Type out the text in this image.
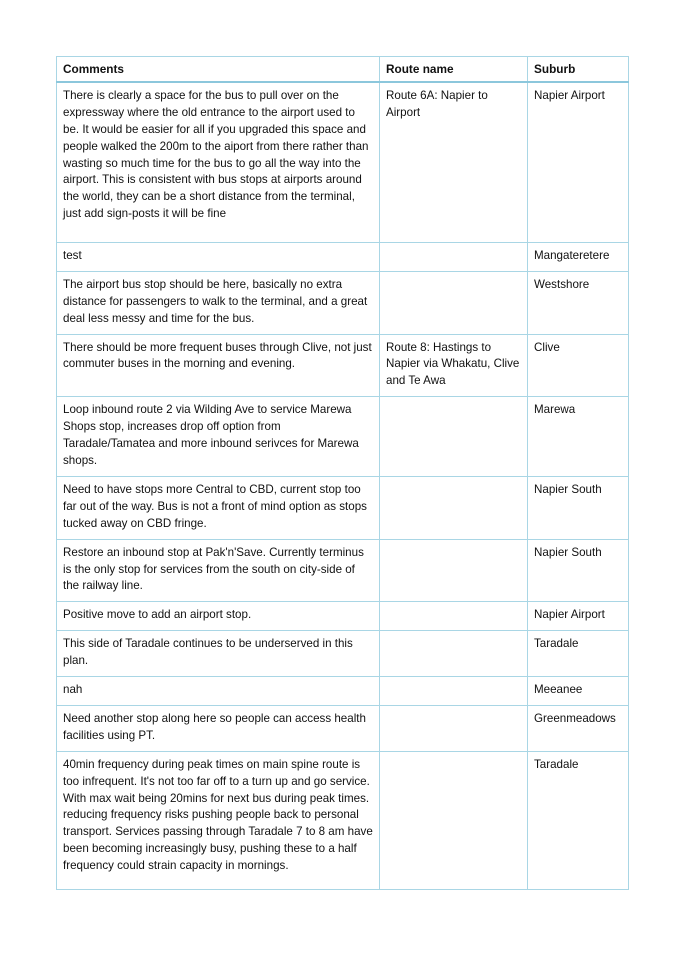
Comments	Route name	Suburb
There is clearly a space for the bus to pull over on the expressway where the old entrance to the airport used to be. It would be easier for all if you upgraded this space and people walked the 200m to the aiport from there rather than wasting so much time for the bus to go all the way into the airport. This is consistent with bus stops at airports around the world, they can be a short distance from the terminal, just add sign-posts it will be fine	Route 6A: Napier to Airport	Napier Airport
test		Mangateretere
The airport bus stop should be here, basically no extra distance for passengers to walk to the terminal, and a great deal less messy and time for the bus.		Westshore
There should be more frequent buses through Clive, not just commuter buses in the morning and evening.	Route 8: Hastings to Napier via Whakatu, Clive and Te Awa	Clive
Loop inbound route 2 via Wilding Ave to service Marewa Shops stop, increases drop off option from Taradale/Tamatea and more inbound serivces for Marewa shops.		Marewa
Need to have stops more Central to CBD, current stop too far out of the way. Bus is not a front of mind option as stops tucked away on CBD fringe.		Napier South
Restore an inbound stop at Pak'n'Save. Currently terminus is the only stop for services from the south on city-side of the railway line.		Napier South
Positive move to add an airport stop.		Napier Airport
This side of Taradale continues to be underserved in this plan.		Taradale
nah		Meeanee
Need another stop along here so people can access health facilities using PT.		Greenmeadows
40min frequency during peak times on main spine route is too infrequent. It's not too far off to a turn up and go service. With max wait being 20mins for next bus during peak times. reducing frequency risks pushing people back to personal transport. Services passing through Taradale 7 to 8 am have been becoming increasingly busy, pushing these to a half frequency could strain capacity in mornings.		Taradale
